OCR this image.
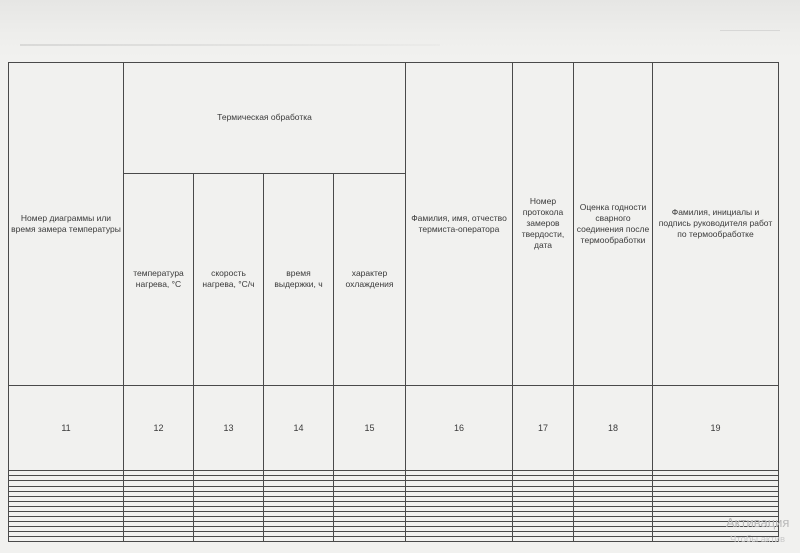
Номер диаграммы или время замера температуры	Термическая обработка				Фамилия, имя, отчество термиста-оператора	Номер протокола замеров твердости, дата	Оценка годности сварного соединения после термообработки	Фамилия, инициалы и подпись руководителя работ по термообработке
	температура нагрева, °С	скорость нагрева, °С/ч	время выдержки, ч	характер охлаждения				
11	12	13	14	15	16	17	18	19

Активация
Чтобы актив
